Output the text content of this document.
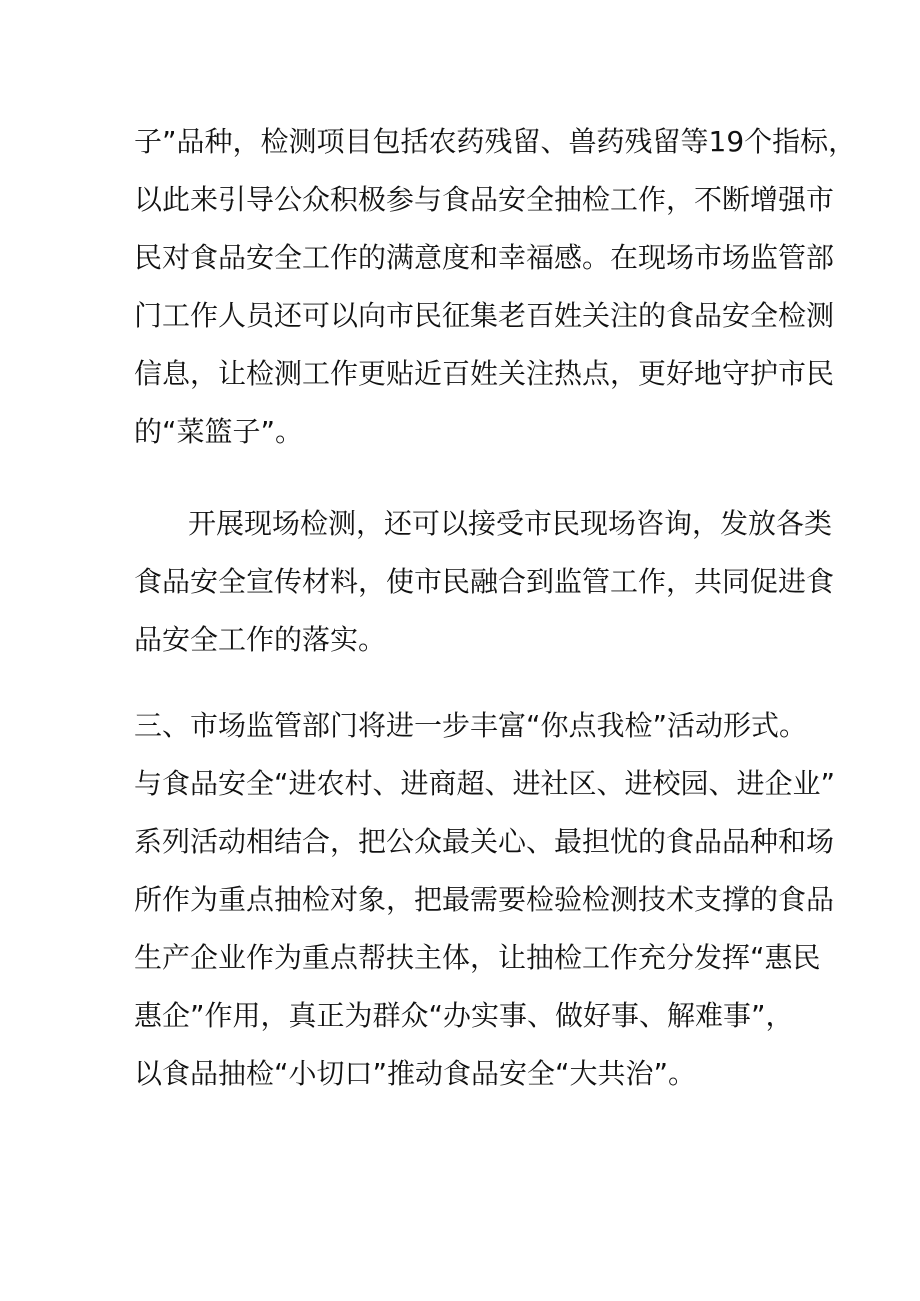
子”品种，检测项目包括农药残留、兽药残留等19个指标，

以此来引导公众积极参与食品安全抽检工作，不断增强市

民对食品安全工作的满意度和幸福感。在现场市场监管部

门工作人员还可以向市民征集老百姓关注的食品安全检测

信息，让检测工作更贴近百姓关注热点，更好地守护市民

的“菜篮子”。

开展现场检测，还可以接受市民现场咨询，发放各类

食品安全宣传材料，使市民融合到监管工作，共同促进食

品安全工作的落实。

三、市场监管部门将进一步丰富“你点我检”活动形式。

与食品安全“进农村、进商超、进社区、进校园、进企业”

系列活动相结合，把公众最关心、最担忧的食品品种和场

所作为重点抽检对象，把最需要检验检测技术支撑的食品

生产企业作为重点帮扶主体，让抽检工作充分发挥“惠民

惠企”作用，真正为群众“办实事、做好事、解难事”，

以食品抽检“小切口”推动食品安全“大共治”。
